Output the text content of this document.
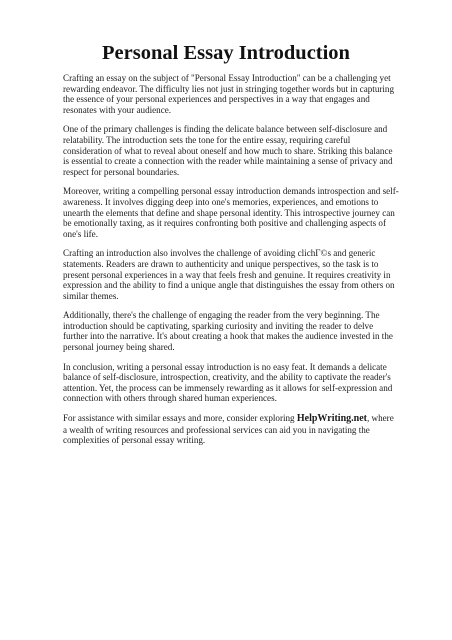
Personal Essay Introduction

Crafting an essay on the subject of "Personal Essay Introduction" can be a challenging yet rewarding endeavor. The difficulty lies not just in stringing together words but in capturing the essence of your personal experiences and perspectives in a way that engages and resonates with your audience.

One of the primary challenges is finding the delicate balance between self-disclosure and relatability. The introduction sets the tone for the entire essay, requiring careful consideration of what to reveal about oneself and how much to share. Striking this balance is essential to create a connection with the reader while maintaining a sense of privacy and respect for personal boundaries.

Moreover, writing a compelling personal essay introduction demands introspection and self-awareness. It involves digging deep into one's memories, experiences, and emotions to unearth the elements that define and shape personal identity. This introspective journey can be emotionally taxing, as it requires confronting both positive and challenging aspects of one's life.

Crafting an introduction also involves the challenge of avoiding clichГ©s and generic statements. Readers are drawn to authenticity and unique perspectives, so the task is to present personal experiences in a way that feels fresh and genuine. It requires creativity in expression and the ability to find a unique angle that distinguishes the essay from others on similar themes.

Additionally, there's the challenge of engaging the reader from the very beginning. The introduction should be captivating, sparking curiosity and inviting the reader to delve further into the narrative. It's about creating a hook that makes the audience invested in the personal journey being shared.

In conclusion, writing a personal essay introduction is no easy feat. It demands a delicate balance of self-disclosure, introspection, creativity, and the ability to captivate the reader's attention. Yet, the process can be immensely rewarding as it allows for self-expression and connection with others through shared human experiences.

For assistance with similar essays and more, consider exploring HelpWriting.net, where a wealth of writing resources and professional services can aid you in navigating the complexities of personal essay writing.
